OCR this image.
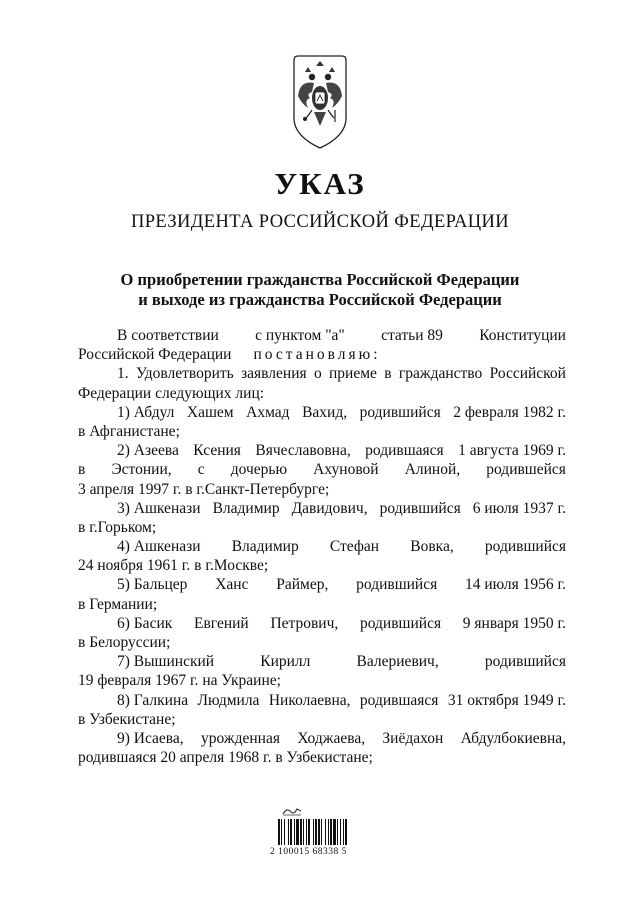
УКАЗ
ПРЕЗИДЕНТА РОССИЙСКОЙ ФЕДЕРАЦИИ
О приобретении гражданства Российской Федерации
и выходе из гражданства Российской Федерации
В соответствии с пунктом "а" статьи 89 Конституции
Российской Федерации постановляю:
1. Удовлетворить заявления о приеме в гражданство Российской
Федерации следующих лиц:
1) Абдул Хашем Ахмад Вахид, родившийся 2 февраля 1982 г.
в Афганистане;
2) Азеева Ксения Вячеславовна, родившаяся 1 августа 1969 г.
в Эстонии, с дочерью Ахуновой Алиной, родившейся
3 апреля 1997 г. в г.Санкт-Петербурге;
3) Ашкенази Владимир Давидович, родившийся 6 июля 1937 г.
в г.Горьком;
4) Ашкенази Владимир Стефан Вовка, родившийся
24 ноября 1961 г. в г.Москве;
5) Бальцер Ханс Раймер, родившийся 14 июля 1956 г.
в Германии;
6) Басик Евгений Петрович, родившийся 9 января 1950 г.
в Белоруссии;
7) Вышинский	Кирилл	Валериевич,	родившийся
19 февраля 1967 г. на Украине;
8) Галкина Людмила Николаевна, родившаяся 31 октября 1949 г.
в Узбекистане;
9) Исаева, урожденная Ходжаева, Зиёдахон Абдулбокиевна,
родившаяся 20 апреля 1968 г. в Узбекистане;
2 100015 68338 5
